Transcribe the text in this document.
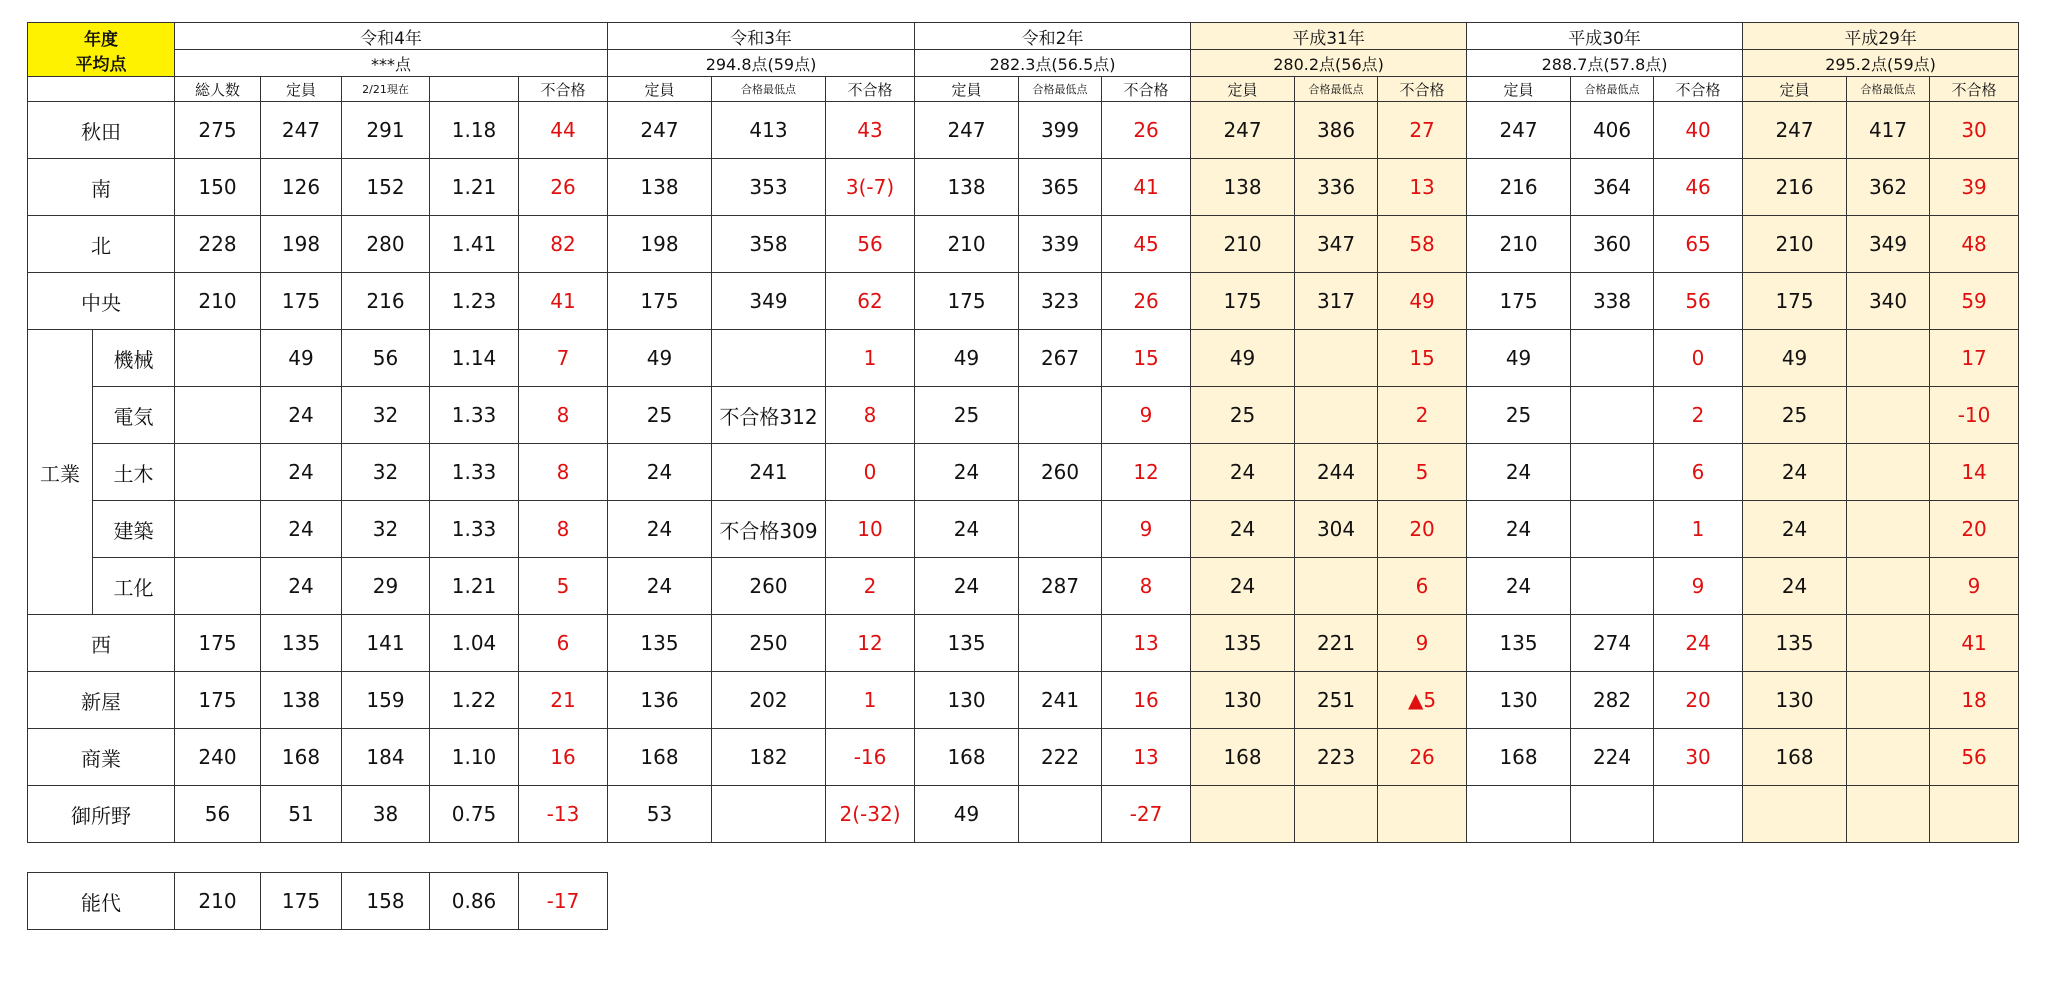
年度
平均点		令和4年					令和3年			令和2年			平成31年			平成30年			平成29年		
		***点					294.8点(59点)			282.3点(56.5点)			280.2点(56点)			288.7点(57.8点)			295.2点(59点)		
		総人数	定員	2/21現在		不合格	定員	合格最低点	不合格	定員	合格最低点	不合格	定員	合格最低点	不合格	定員	合格最低点	不合格	定員	合格最低点	不合格
秋田		275	247	291	1.18	44	247	413	43	247	399	26	247	386	27	247	406	40	247	417	30
南		150	126	152	1.21	26	138	353	3(-7)	138	365	41	138	336	13	216	364	46	216	362	39
北		228	198	280	1.41	82	198	358	56	210	339	45	210	347	58	210	360	65	210	349	48
中央		210	175	216	1.23	41	175	349	62	175	323	26	175	317	49	175	338	56	175	340	59
工業	機械		49	56	1.14	7	49		1	49	267	15	49		15	49		0	49		17
	電気		24	32	1.33	8	25	不合格312	8	25		9	25		2	25		2	25		-10
	土木		24	32	1.33	8	24	241	0	24	260	12	24	244	5	24		6	24		14
	建築		24	32	1.33	8	24	不合格309	10	24		9	24	304	20	24		1	24		20
	工化		24	29	1.21	5	24	260	2	24	287	8	24		6	24		9	24		9
西		175	135	141	1.04	6	135	250	12	135		13	135	221	9	135	274	24	135		41
新屋		175	138	159	1.22	21	136	202	1	130	241	16	130	251	▲5	130	282	20	130		18
商業		240	168	184	1.10	16	168	182	-16	168	222	13	168	223	26	168	224	30	168		56
御所野		56	51	38	0.75	-13	53		2(-32)	49		-27									
能代	210	175	158	0.86	-17
